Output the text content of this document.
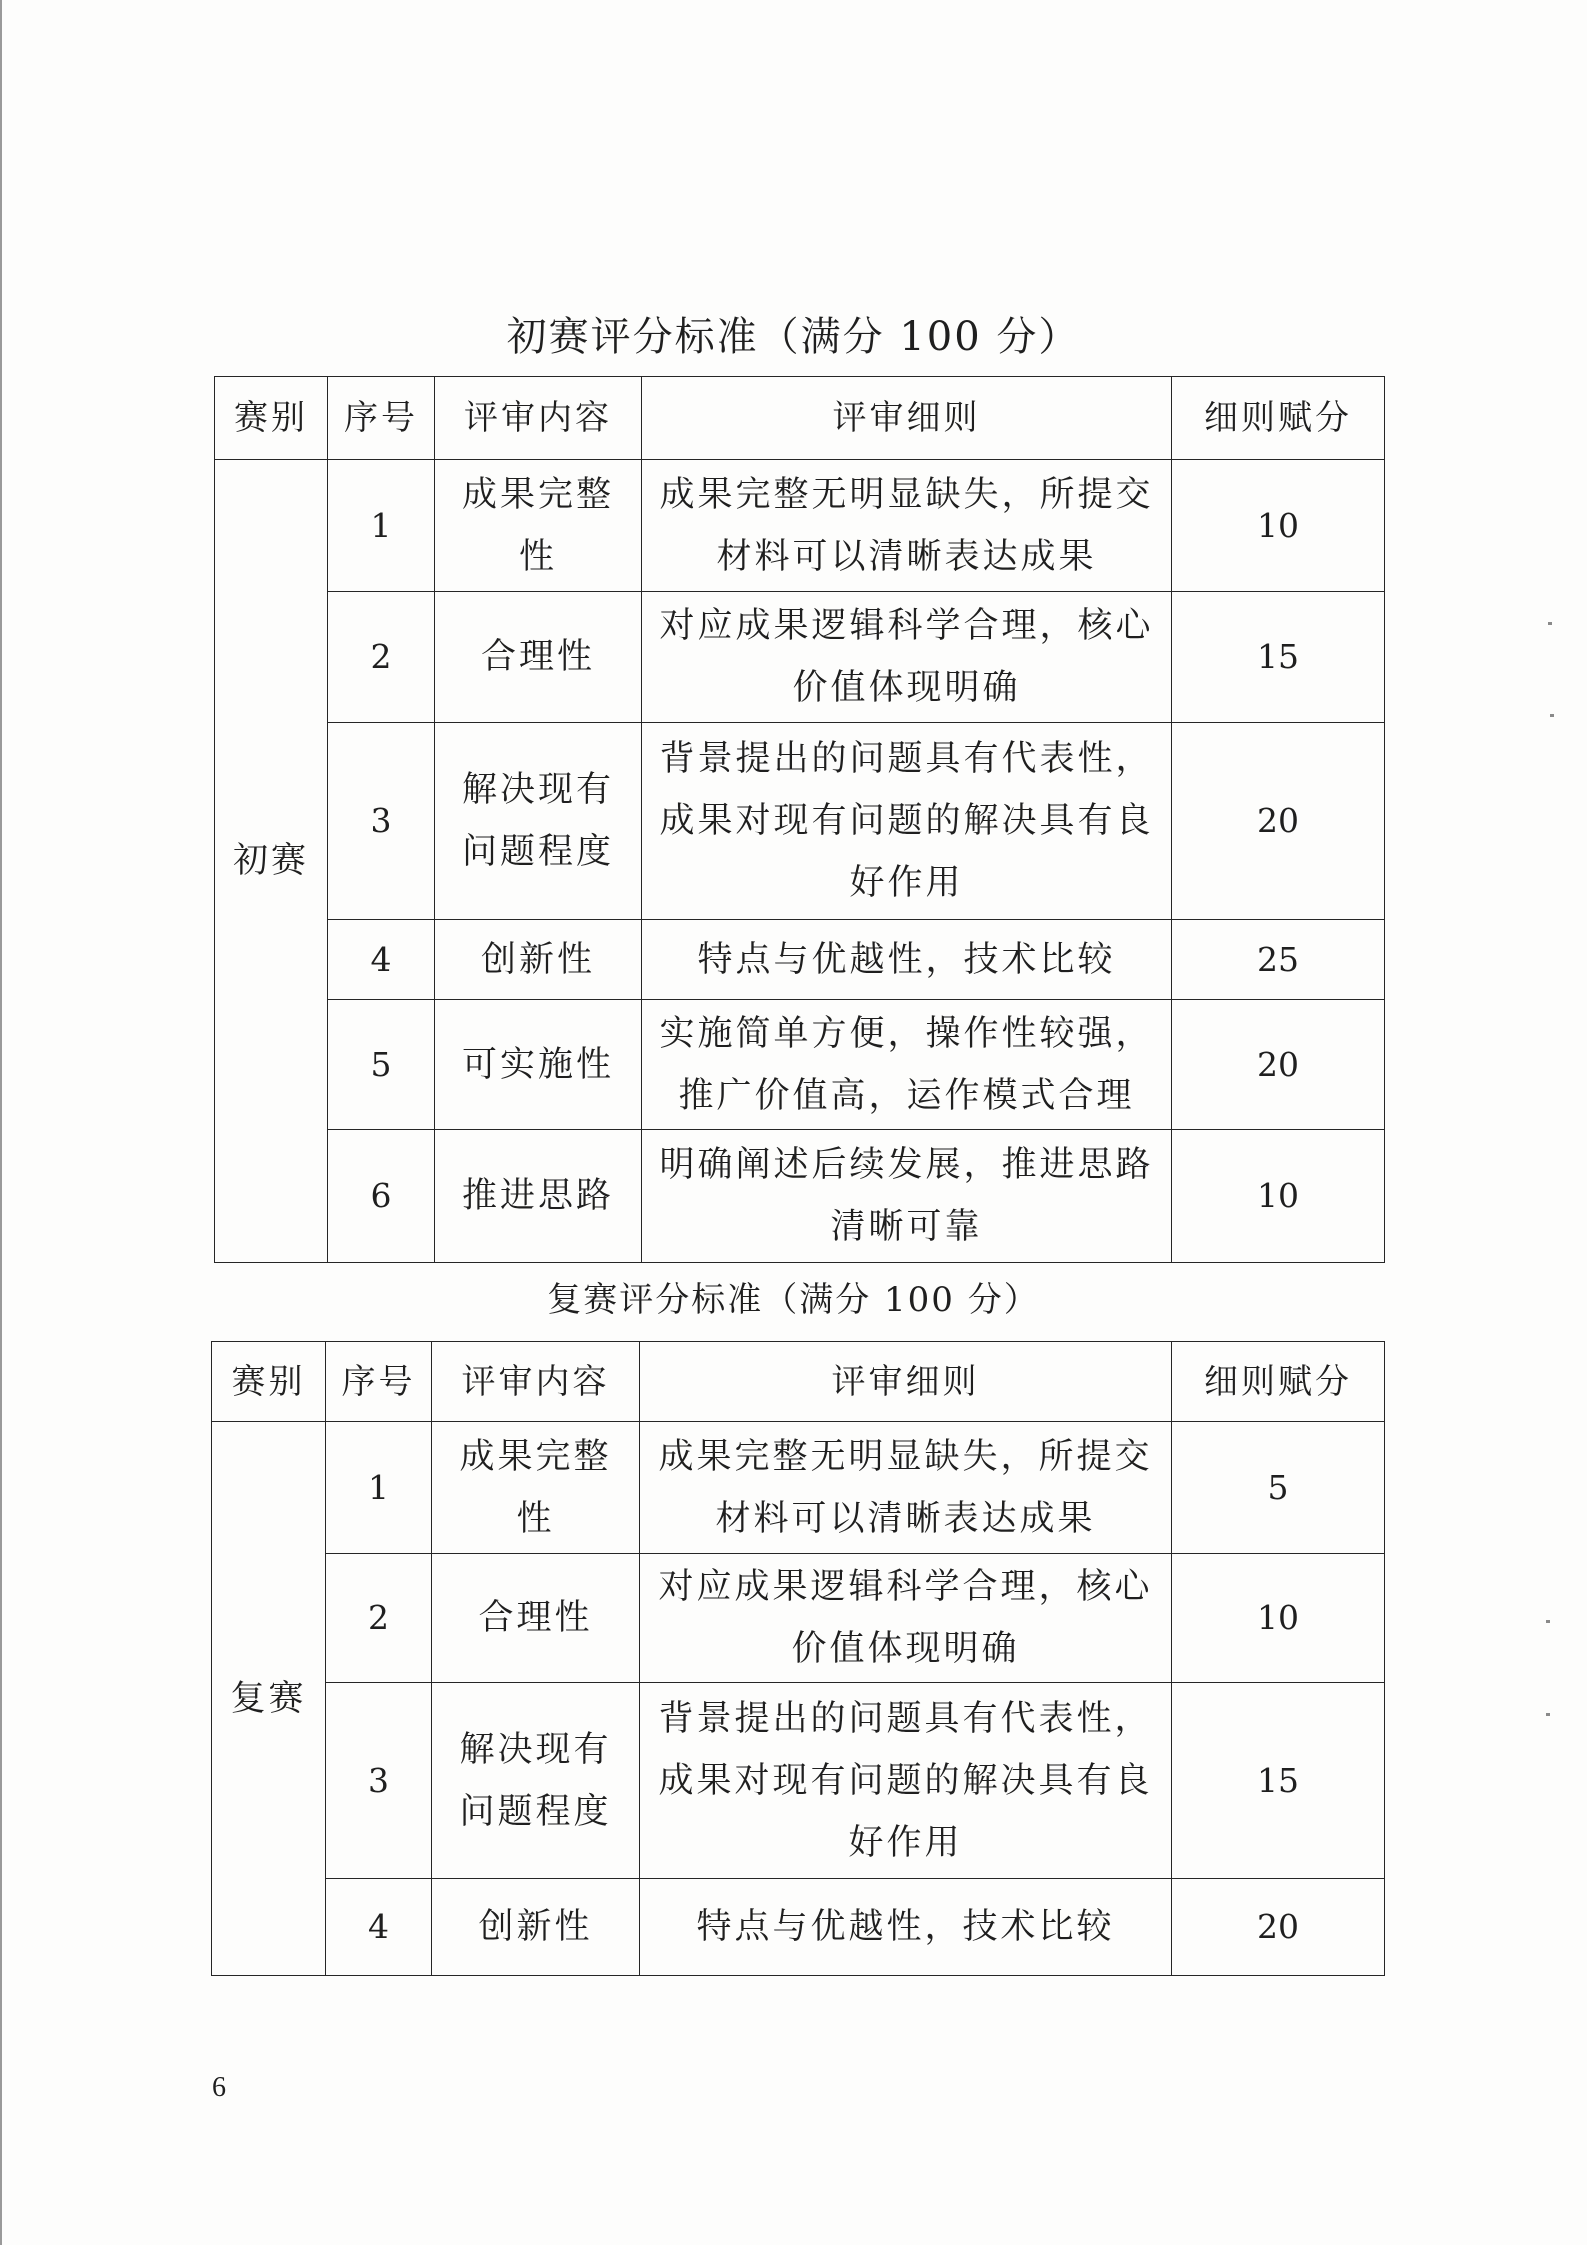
初赛评分标准（满分 100 分）
赛别	序号	评审内容	评审细则	细则赋分
初赛	1	成果完整性	成果完整无明显缺失，所提交材料可以清晰表达成果	10
	2	合理性	对应成果逻辑科学合理，核心价值体现明确	15
	3	解决现有问题程度	背景提出的问题具有代表性，成果对现有问题的解决具有良好作用	20
	4	创新性	特点与优越性，技术比较	25
	5	可实施性	实施简单方便，操作性较强，推广价值高，运作模式合理	20
	6	推进思路	明确阐述后续发展，推进思路清晰可靠	10
复赛评分标准（满分 100 分）
赛别	序号	评审内容	评审细则	细则赋分
复赛	1	成果完整性	成果完整无明显缺失，所提交材料可以清晰表达成果	5
	2	合理性	对应成果逻辑科学合理，核心价值体现明确	10
	3	解决现有问题程度	背景提出的问题具有代表性，成果对现有问题的解决具有良好作用	15
	4	创新性	特点与优越性，技术比较	20
6
